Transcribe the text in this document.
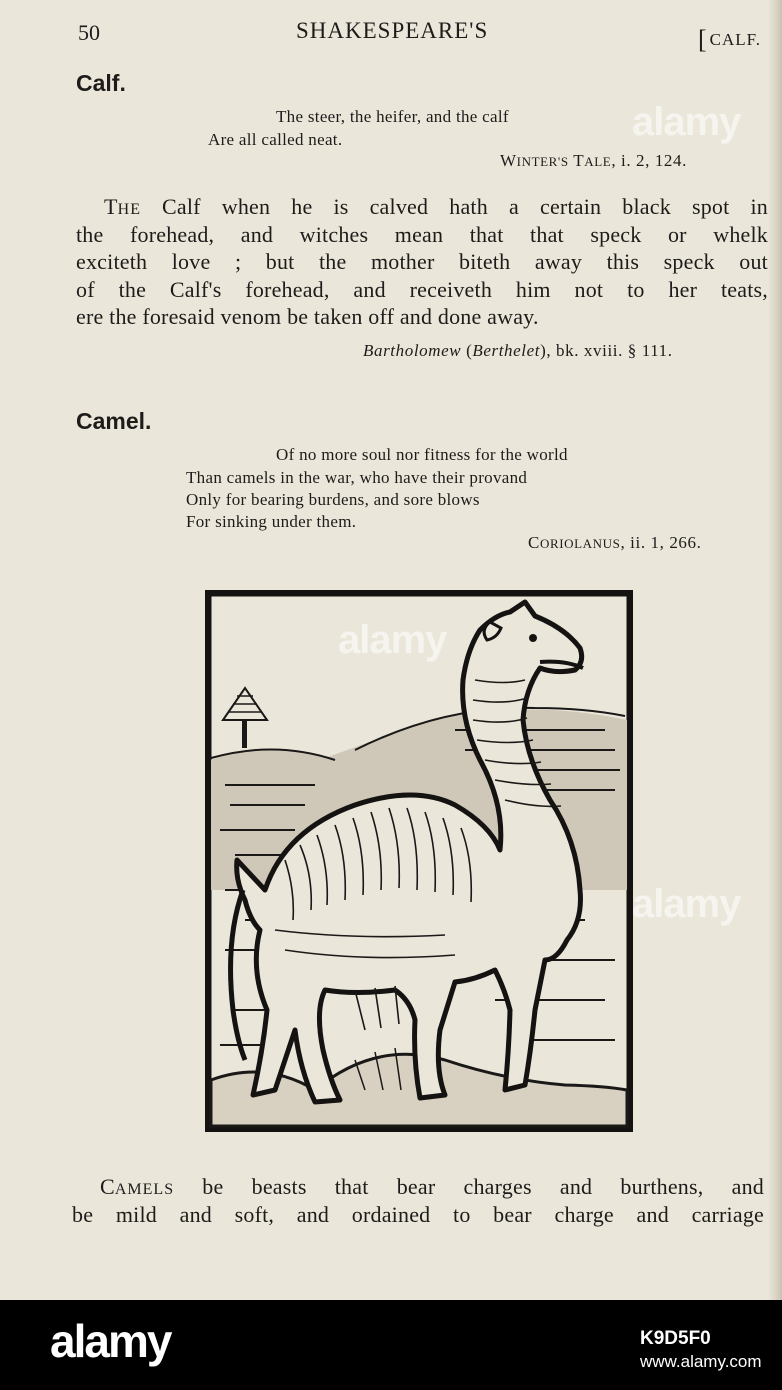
50	SHAKESPEARE'S	[ CALF.
Calf.
The steer, the heifer, and the calf
Are all called neat.
WINTER'S TALE, i. 2, 124.
THE Calf when he is calved hath a certain black spot in
the forehead, and witches mean that that speck or whelk
exciteth love ; but the mother biteth away this speck out
of the Calf's forehead, and receiveth him not to her teats,
ere the foresaid venom be taken off and done away.
Bartholomew (Berthelet), bk. xviii. § 111.
Camel.
Of no more soul nor fitness for the world
Than camels in the war, who have their provand
Only for bearing burdens, and sore blows
For sinking under them.
CORIOLANUS, ii. 1, 266.
CAMELS be beasts that bear charges and burthens, and
be mild and soft, and ordained to bear charge and carriage
alamy
alamy
alamy
alamy	K9D5F0
www.alamy.com
